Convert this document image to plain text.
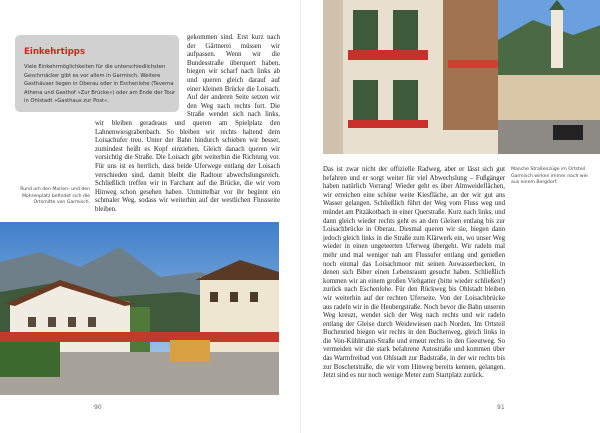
Einkehrtipps

Viele Einkehrmöglichkeiten für die unterschiedlichsten Geschmäcker gibt es vor allem in Garmisch. Weitere Gasthäuser liegen in Oberau oder in Eschenlohe (Taverna Athena und Gasthof »Zur Brücke«) oder am Ende der Tour in Ohlstadt »Gasthaus zur Post«.

gekommen sind. Erst kurz nach der Gärtnerei müssen wir aufpassen. Wenn wir die Bundesstraße überquert haben, biegen wir scharf nach links ab und queren gleich darauf auf einer kleinen Brücke die Loisach. Auf der anderen Seite setzen wir den Weg nach rechts fort. Die Straße wendet sich nach links, wir bleiben geradeaus und queren am Spielplatz den Lahnenwiesgrabenbach. So bleiben wir rechts haltend dem Loisachufer treu. Unter der Bahn hindurch schieben wir besser, zumindest heißt es Kopf einziehen. Gleich danach queren wir vorsichtig die Straße. Die Loisach gibt weiterhin die Richtung vor. Für uns ist es herrlich, dass beide Uferwege entlang der Loisach verschieden sind, damit bleibt die Radtour abwechslungsreich. Schließlich treffen wir in Farchant auf die Brücke, die wir vom Hinweg schon gesehen haben. Unmittelbar vor ihr beginnt ein schmaler Weg, sodass wir weiterhin auf der westlichen Flussseite bleiben.

Rund um den Marien- und den Mohrenplatz befindet sich die Ortsmitte von Garmisch.

90

Manche Straßenzüge im Ortsteil Garmisch wirken immer noch wie aus einem Bergdorf.

Das ist zwar nicht der offizielle Radweg, aber er lässt sich gut befahren und er sorgt weiter für viel Abwechslung – Fußgänger haben natürlich Vorrang! Wieder geht es über Almweideflächen, wir erreichen eine schöne weite Kiesfläche, an der wir gut ans Wasser gelangen. Schließlich führt der Weg vom Fluss weg und mündet am Pitzäkotbach in einer Querstraße. Kurz nach links, und dann gleich wieder rechts geht es an den Gleisen entlang bis zur Loisachbrücke in Oberau. Diesmal queren wir sie, biegen dann jedoch gleich links in die Straße zum Klärwerk ein, wo unser Weg wieder in einen ungeteerten Uferweg übergeht. Wir radeln mal mehr und mal weniger nah am Flussufer entlang und genießen noch einmal das Loisachmoor mit seinen Auwasserbecken, in denen sich Biber einen Lebensraum gesucht haben. Schließlich kommen wir an einem großen Viehgatter (bitte wieder schließen!) zurück nach Eschenlohe. Für den Rückweg bis Ohlstadt bleiben wir weiterhin auf der rechten Uferseite. Von der Loisachbrücke aus radeln wir in die Heubergstraße. Noch bevor die Bahn unseren Weg kreuzt, wendet sich der Weg nach rechts und wir radeln entlang der Gleise durch Weidewiesen nach Norden. Im Ortsteil Buchenried biegen wir rechts in den Buchenweg, gleich links in die Von-Kühlmann-Straße und erneut rechts in den Geeutweg. So vermeiden wir die stark befahrene Autostraße und kommen über das Warmfreibad von Ohlstadt zur Badstraße, in der wir rechts bis zur Boschetstraße, die wir vom Hinweg bereits kennen, gelangen. Jetzt sind es nur noch wenige Meter zum Startplatz zurück.

91
